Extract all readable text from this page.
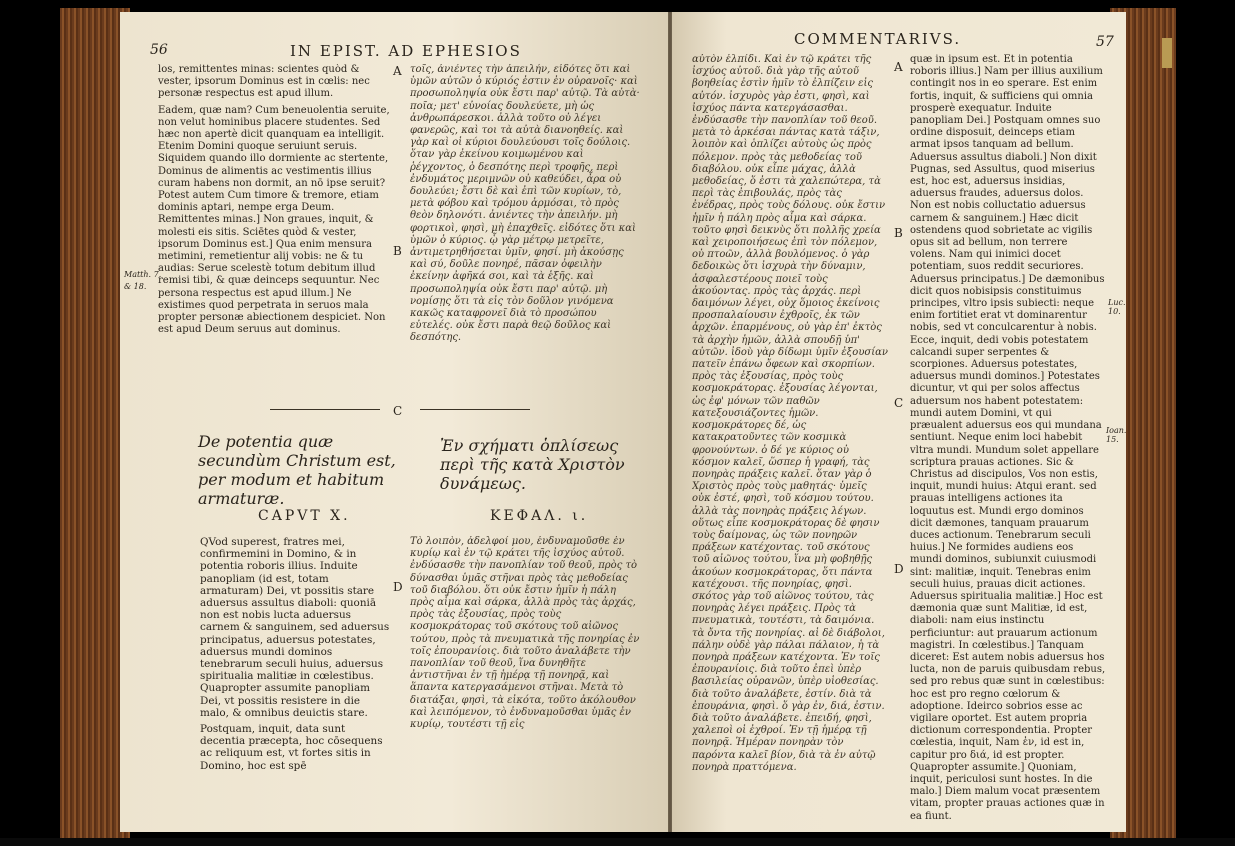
56	IN EPIST. AD EPHESIOS

los, remittentes minas: scientes quòd & vester, ipsorum Dominus est in cœlis: nec personæ respectus est apud illum.

Eadem, quæ nam? Cum beneuolentia seruite, non velut hominibus placere studentes. Sed hæc non apertè dicit quanquam ea intelligit. Etenim Domini quoque seruiunt seruis. Siquidem quando illo dormiente ac stertente, Dominus de alimentis ac vestimentis illius curam habens non dormit, an nō ipse seruit? Potest autem Cum timore & tremore, etiam dominis aptari, nempe erga Deum. Remittentes minas.] Non graues, inquit, & molesti eis sitis. Sciētes quòd & vester, ipsorum Dominus est.] Qua enim mensura metimini, remetientur alij vobis: ne & tu audias: Serue scelestè totum debitum illud remisi tibi, & quæ deinceps sequuntur. Nec persona respectus est apud illum.] Ne existimes quod perpetrata in seruos mala propter personæ abiectionem despiciet. Non est apud Deum seruus aut dominus.

A
B
C
D
Matth. 7.
& 18.

τοῖς, ἀνιέντες τὴν ἀπειλήν, εἰδότες ὅτι καὶ ὑμῶν αὐτῶν ὁ κύριός ἐστιν ἐν οὐρανοῖς· καὶ προσωποληψία οὐκ ἔστι παρ' αὐτῷ. Τὰ αὐτὰ· ποῖα; μετ' εὐνοίας δουλεύετε, μὴ ὡς ἀνθρωπάρεσκοι. ἀλλὰ τοῦτο οὐ λέγει φανερῶς, καὶ τοι τὰ αὐτὰ διανοηθείς. καὶ γὰρ καὶ οἱ κύριοι δουλεύουσι τοῖς δούλοις. ὅταν γὰρ ἐκείνου κοιμωμένου καὶ ῥέγχοντος, ὁ δεσπότης περὶ τροφῆς, περὶ ἐνδυμάτος μεριμνῶν οὐ καθεύδει, ἆρα οὐ δουλεύει; ἔστι δὲ καὶ ἐπὶ τῶν κυρίων, τὸ, μετὰ φόβου καὶ τρόμου ἁρμόσαι, τὸ πρὸς θεὸν δηλονότι. ἀνιέντες τὴν ἀπειλήν. μὴ φορτικοὶ, φησὶ, μὴ ἐπαχθεῖς. εἰδότες ὅτι καὶ ὑμῶν ὁ κύριος. ᾧ γὰρ μέτρῳ μετρεῖτε, ἀντιμετρηθήσεται ὑμῖν, φησί. μὴ ἀκούσῃς καὶ σύ, δοῦλε πονηρέ, πᾶσαν ὀφειλὴν ἐκείνην ἀφῆκά σοι, καὶ τὰ ἑξῆς. καὶ προσωποληψία οὐκ ἔστι παρ' αὐτῷ. μὴ νομίσῃς ὅτι τὰ εἰς τὸν δοῦλον γινόμενα κακῶς καταφρονεῖ διὰ τὸ προσώπου εὐτελές. οὐκ ἔστι παρὰ θεῷ δοῦλος καὶ δεσπότης.

De potentia quæ secundùm Christum est, per modum et habitum armaturæ.
Ἐν σχήματι ὁπλίσεως περὶ τῆς κατὰ Χριστὸν δυνάμεως.
CAPVT X.	ΚΕΦΑΛ. ι.

QVod superest, fratres mei, confirmemini in Domino, & in potentia roboris illius. Induite panopliam (id est, totam armaturam) Dei, vt possitis stare aduersus assultus diaboli: quoniā non est nobis lucta aduersus carnem & sanguinem, sed aduersus principatus, aduersus potestates, aduersus mundi dominos tenebrarum seculi huius, aduersus spiritualia malitiæ in cœlestibus. Quapropter assumite panopliam Dei, vt possitis resistere in die malo, & omnibus deuictis stare.

Postquam, inquit, data sunt decentia præcepta, hoc cōsequens ac reliquum est, vt fortes sitis in Domino, hoc est spē

Τὸ λοιπὸν, ἀδελφοί μου, ἐνδυναμοῦσθε ἐν κυρίῳ καὶ ἐν τῷ κράτει τῆς ἰσχύος αὐτοῦ. ἐνδύσασθε τὴν πανοπλίαν τοῦ θεοῦ, πρὸς τὸ δύνασθαι ὑμᾶς στῆναι πρὸς τὰς μεθοδείας τοῦ διαβόλου. ὅτι οὐκ ἔστιν ἡμῖν ἡ πάλη πρὸς αἷμα καὶ σάρκα, ἀλλὰ πρὸς τὰς ἀρχάς, πρὸς τὰς ἐξουσίας, πρὸς τοὺς κοσμοκράτορας τοῦ σκότους τοῦ αἰῶνος τούτου, πρὸς τὰ πνευματικὰ τῆς πονηρίας ἐν τοῖς ἐπουρανίοις. διὰ τοῦτο ἀναλάβετε τὴν πανοπλίαν τοῦ θεοῦ, ἵνα δυνηθῆτε ἀντιστῆναι ἐν τῇ ἡμέρᾳ τῇ πονηρᾷ, καὶ ἅπαντα κατεργασάμενοι στῆναι. Μετὰ τὸ διατάξαι, φησὶ, τὰ εἰκότα, τοῦτο ἀκόλουθον καὶ λειπόμενον, τὸ ἐνδυναμοῦσθαι ὑμᾶς ἐν κυρίῳ, τουτέστι τῇ εἰς

COMMENTARIVS.	57

αὐτὸν ἐλπίδι. Καὶ ἐν τῷ κράτει τῆς ἰσχύος αὐτοῦ. διὰ γὰρ τῆς αὐτοῦ βοηθείας ἐστὶν ἡμῖν τὸ ἐλπίζειν εἰς αὐτόν. ἰσχυρὸς γὰρ ἐστι, φησὶ, καὶ ἰσχύος πάντα κατεργάσασθαι. ἐνδύσασθε τὴν πανοπλίαν τοῦ θεοῦ. μετὰ τὸ ἀρκέσαι πάντας κατὰ τάξιν, λοιπὸν καὶ ὁπλίζει αὐτοὺς ὡς πρὸς πόλεμον. πρὸς τὰς μεθοδείας τοῦ διαβόλου. οὐκ εἶπε μάχας, ἀλλὰ μεθοδείας, ὅ ἐστι τὰ χαλεπώτερα, τὰ περὶ τὰς ἐπιβουλάς, πρὸς τὰς ἐνέδρας, πρὸς τοὺς δόλους. οὐκ ἔστιν ἡμῖν ἡ πάλη πρὸς αἷμα καὶ σάρκα. τοῦτο φησὶ δεικνὺς ὅτι πολλῆς χρεία καὶ χειροποιήσεως ἐπὶ τὸν πόλεμον, οὐ πτοῶν, ἀλλὰ βουλόμενος. ὁ γὰρ δεδοικὼς ὅτι ἰσχυρὰ τὴν δύναμιν, ἀσφαλεστέρους ποιεῖ τοὺς ἀκούοντας. πρὸς τὰς ἀρχάς. περὶ δαιμόνων λέγει, οὐχ ὅμοιος ἐκείνοις προσπαλαίουσιν ἐχθροῖς, ἐκ τῶν ἀρχῶν. ἐπαρμένους, οὐ γὰρ ἐπ' ἐκτὸς τὰ ἀρχὴν ἡμῶν, ἀλλὰ σπουδῇ ὑπ' αὐτῶν. ἰδοὺ γὰρ δίδωμι ὑμῖν ἐξουσίαν πατεῖν ἐπάνω ὄφεων καὶ σκορπίων. πρὸς τὰς ἐξουσίας, πρὸς τοὺς κοσμοκράτορας. ἐξουσίας λέγονται, ὡς ἐφ' μόνων τῶν παθῶν κατεξουσιάζοντες ἡμῶν. κοσμοκράτορες δέ, ὡς κατακρατοῦντες τῶν κοσμικὰ φρονούντων. ὁ δέ γε κύριος οὐ κόσμον καλεῖ, ὥσπερ ἡ γραφή, τὰς πονηρὰς πράξεις καλεῖ. ὅταν γὰρ ὁ Χριστὸς πρὸς τοὺς μαθητάς· ὑμεῖς οὐκ ἐστέ, φησὶ, τοῦ κόσμου τούτου. ἀλλὰ τὰς πονηρὰς πράξεις λέγων. οὕτως εἶπε κοσμοκράτορας δὲ φησιν τοὺς δαίμονας, ὡς τῶν πονηρῶν πράξεων κατέχοντας. τοῦ σκότους τοῦ αἰῶνος τούτου, ἵνα μὴ φοβηθῇς ἀκούων κοσμοκράτορας, ὅτι πάντα κατέχουσι. τῆς πονηρίας, φησὶ. σκότος γὰρ τοῦ αἰῶνος τούτου, τὰς πονηρὰς λέγει πράξεις. Πρὸς τὰ πνευματικὰ, τουτέστι, τὰ δαιμόνια. τὰ ὄντα τῆς πονηρίας. αἱ δὲ διάβολοι, πάλην οὐδὲ γὰρ πάλαι πάλαιον, ἡ τὰ πονηρὰ πράξεων κατέχοντα. Ἐν τοῖς ἐπουρανίοις. διὰ τοῦτο ἐπεὶ ὑπὲρ βασιλείας οὐρανῶν, ὑπὲρ υἱοθεσίας. διὰ τοῦτο ἀναλάβετε, ἐστίν. διὰ τὰ ἐπουράνια, φησὶ. ὅ γὰρ ἐν, διά, ἐστιν. διὰ τοῦτο ἀναλάβετε. ἐπειδή, φησὶ, χαλεποὶ οἱ ἐχθροί. Ἐν τῇ ἡμέρᾳ τῇ πονηρᾷ. Ἡμέραν πονηρὰν τὸν παρόντα καλεῖ βίον, διὰ τὰ ἐν αὐτῷ πονηρὰ πραττόμενα.

A
B
C
D

quæ in ipsum est. Et in potentia roboris illius.] Nam per illius auxilium contingit nos in eo sperare. Est enim fortis, inquit, & sufficiens qui omnia prosperè exequatur. Induite panopliam Dei.] Postquam omnes suo ordine disposuit, deinceps etiam armat ipsos tanquam ad bellum. Aduersus assultus diaboli.] Non dixit Pugnas, sed Assultus, quod miserius est, hoc est, aduersus insidias, aduersus fraudes, aduersus dolos. Non est nobis colluctatio aduersus carnem & sanguinem.] Hæc dicit ostendens quod sobrietate ac vigilis opus sit ad bellum, non terrere volens. Nam qui inimici docet potentiam, suos reddit securiores. Aduersus principatus.] De dæmonibus dicit quos nobisipsis constituimus principes, vltro ipsis subiecti: neque enim fortitiet erat vt dominarentur nobis, sed vt conculcarentur à nobis. Ecce, inquit, dedi vobis potestatem calcandi super serpentes & scorpiones. Aduersus potestates, aduersus mundi dominos.] Potestates dicuntur, vt qui per solos affectus aduersum nos habent potestatem: mundi autem Domini, vt qui præualent aduersus eos qui mundana sentiunt. Neque enim loci habebit vltra mundi. Mundum solet appellare scriptura prauas actiones. Sic & Christus ad discipulos, Vos non estis, inquit, mundi huius: Atqui erant. sed prauas intelligens actiones ita loquutus est. Mundi ergo dominos dicit dæmones, tanquam prauarum duces actionum. Tenebrarum seculi huius.] Ne formides audiens eos mundi dominos, subiunxit cuiusmodi sint: malitiæ, inquit. Tenebras enim seculi huius, prauas dicit actiones. Aduersus spiritualia malitiæ.] Hoc est dæmonia quæ sunt Malitiæ, id est, diaboli: nam eius instinctu perficiuntur: aut prauarum actionum magistri. In cœlestibus.] Tanquam diceret: Est autem nobis aduersus hos lucta, non de paruis quibusdam rebus, sed pro rebus quæ sunt in cœlestibus: hoc est pro regno cœlorum & adoptione. Ideirco sobrios esse ac vigilare oportet. Est autem propria dictionum correspondentia. Propter cœlestia, inquit, Nam ἐν, id est in, capitur pro διά, id est propter. Quapropter assumite.] Quoniam, inquit, periculosi sunt hostes. In die malo.] Diem malum vocat præsentem vitam, propter prauas actiones quæ in ea fiunt.

Luc. 10.
Ioan. 15.
